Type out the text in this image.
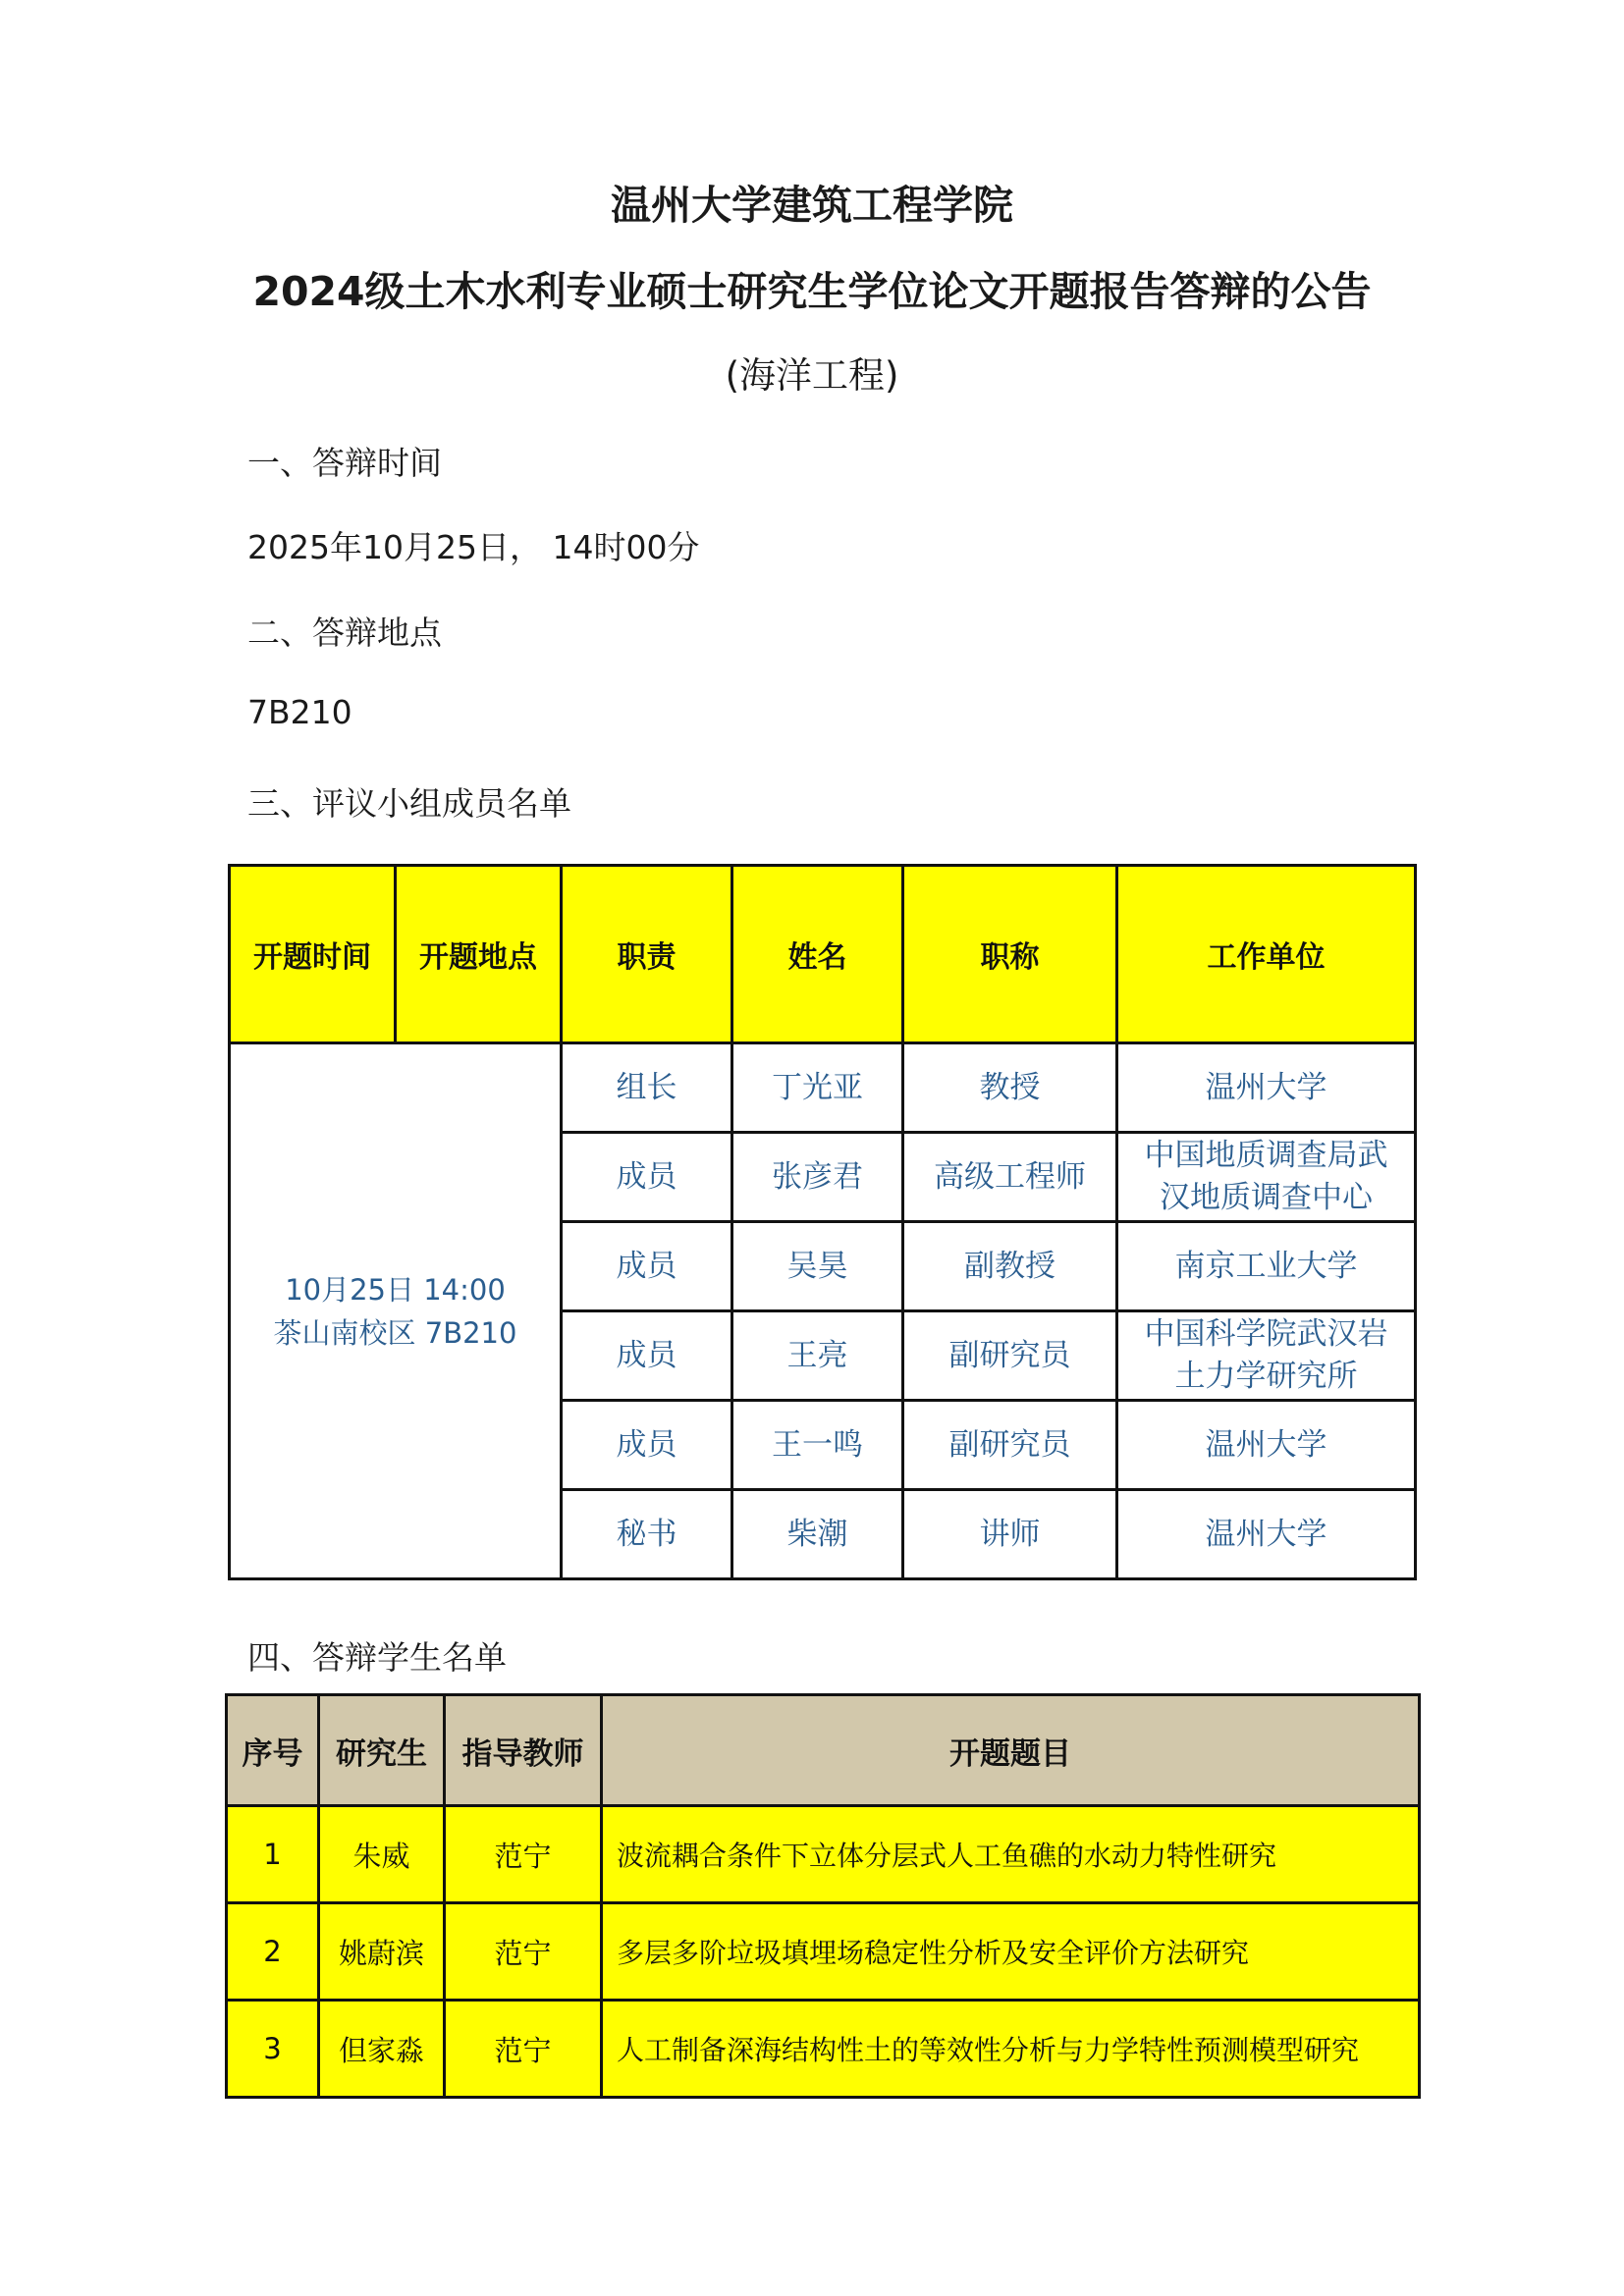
温州大学建筑工程学院
2024级土木水利专业硕士研究生学位论文开题报告答辩的公告
(海洋工程)
一、答辩时间
2025年10月25日， 14时00分
二、答辩地点
7B210
三、评议小组成员名单
开题时间	开题地点	职责	姓名	职称	工作单位

10月25日 14:00
茶山南校区 7B210		组长	丁光亚	教授	温州大学
		成员	张彦君	高级工程师	中国地质调查局武汉地质调查中心
		成员	吴昊	副教授	南京工业大学
		成员	王亮	副研究员	中国科学院武汉岩土力学研究所
		成员	王一鸣	副研究员	温州大学
		秘书	柴潮	讲师	温州大学
四、答辩学生名单
序号	研究生	指导教师	开题题目
1	朱威	范宁	波流耦合条件下立体分层式人工鱼礁的水动力特性研究
2	姚蔚滨	范宁	多层多阶垃圾填埋场稳定性分析及安全评价方法研究
3	但家淼	范宁	人工制备深海结构性土的等效性分析与力学特性预测模型研究
